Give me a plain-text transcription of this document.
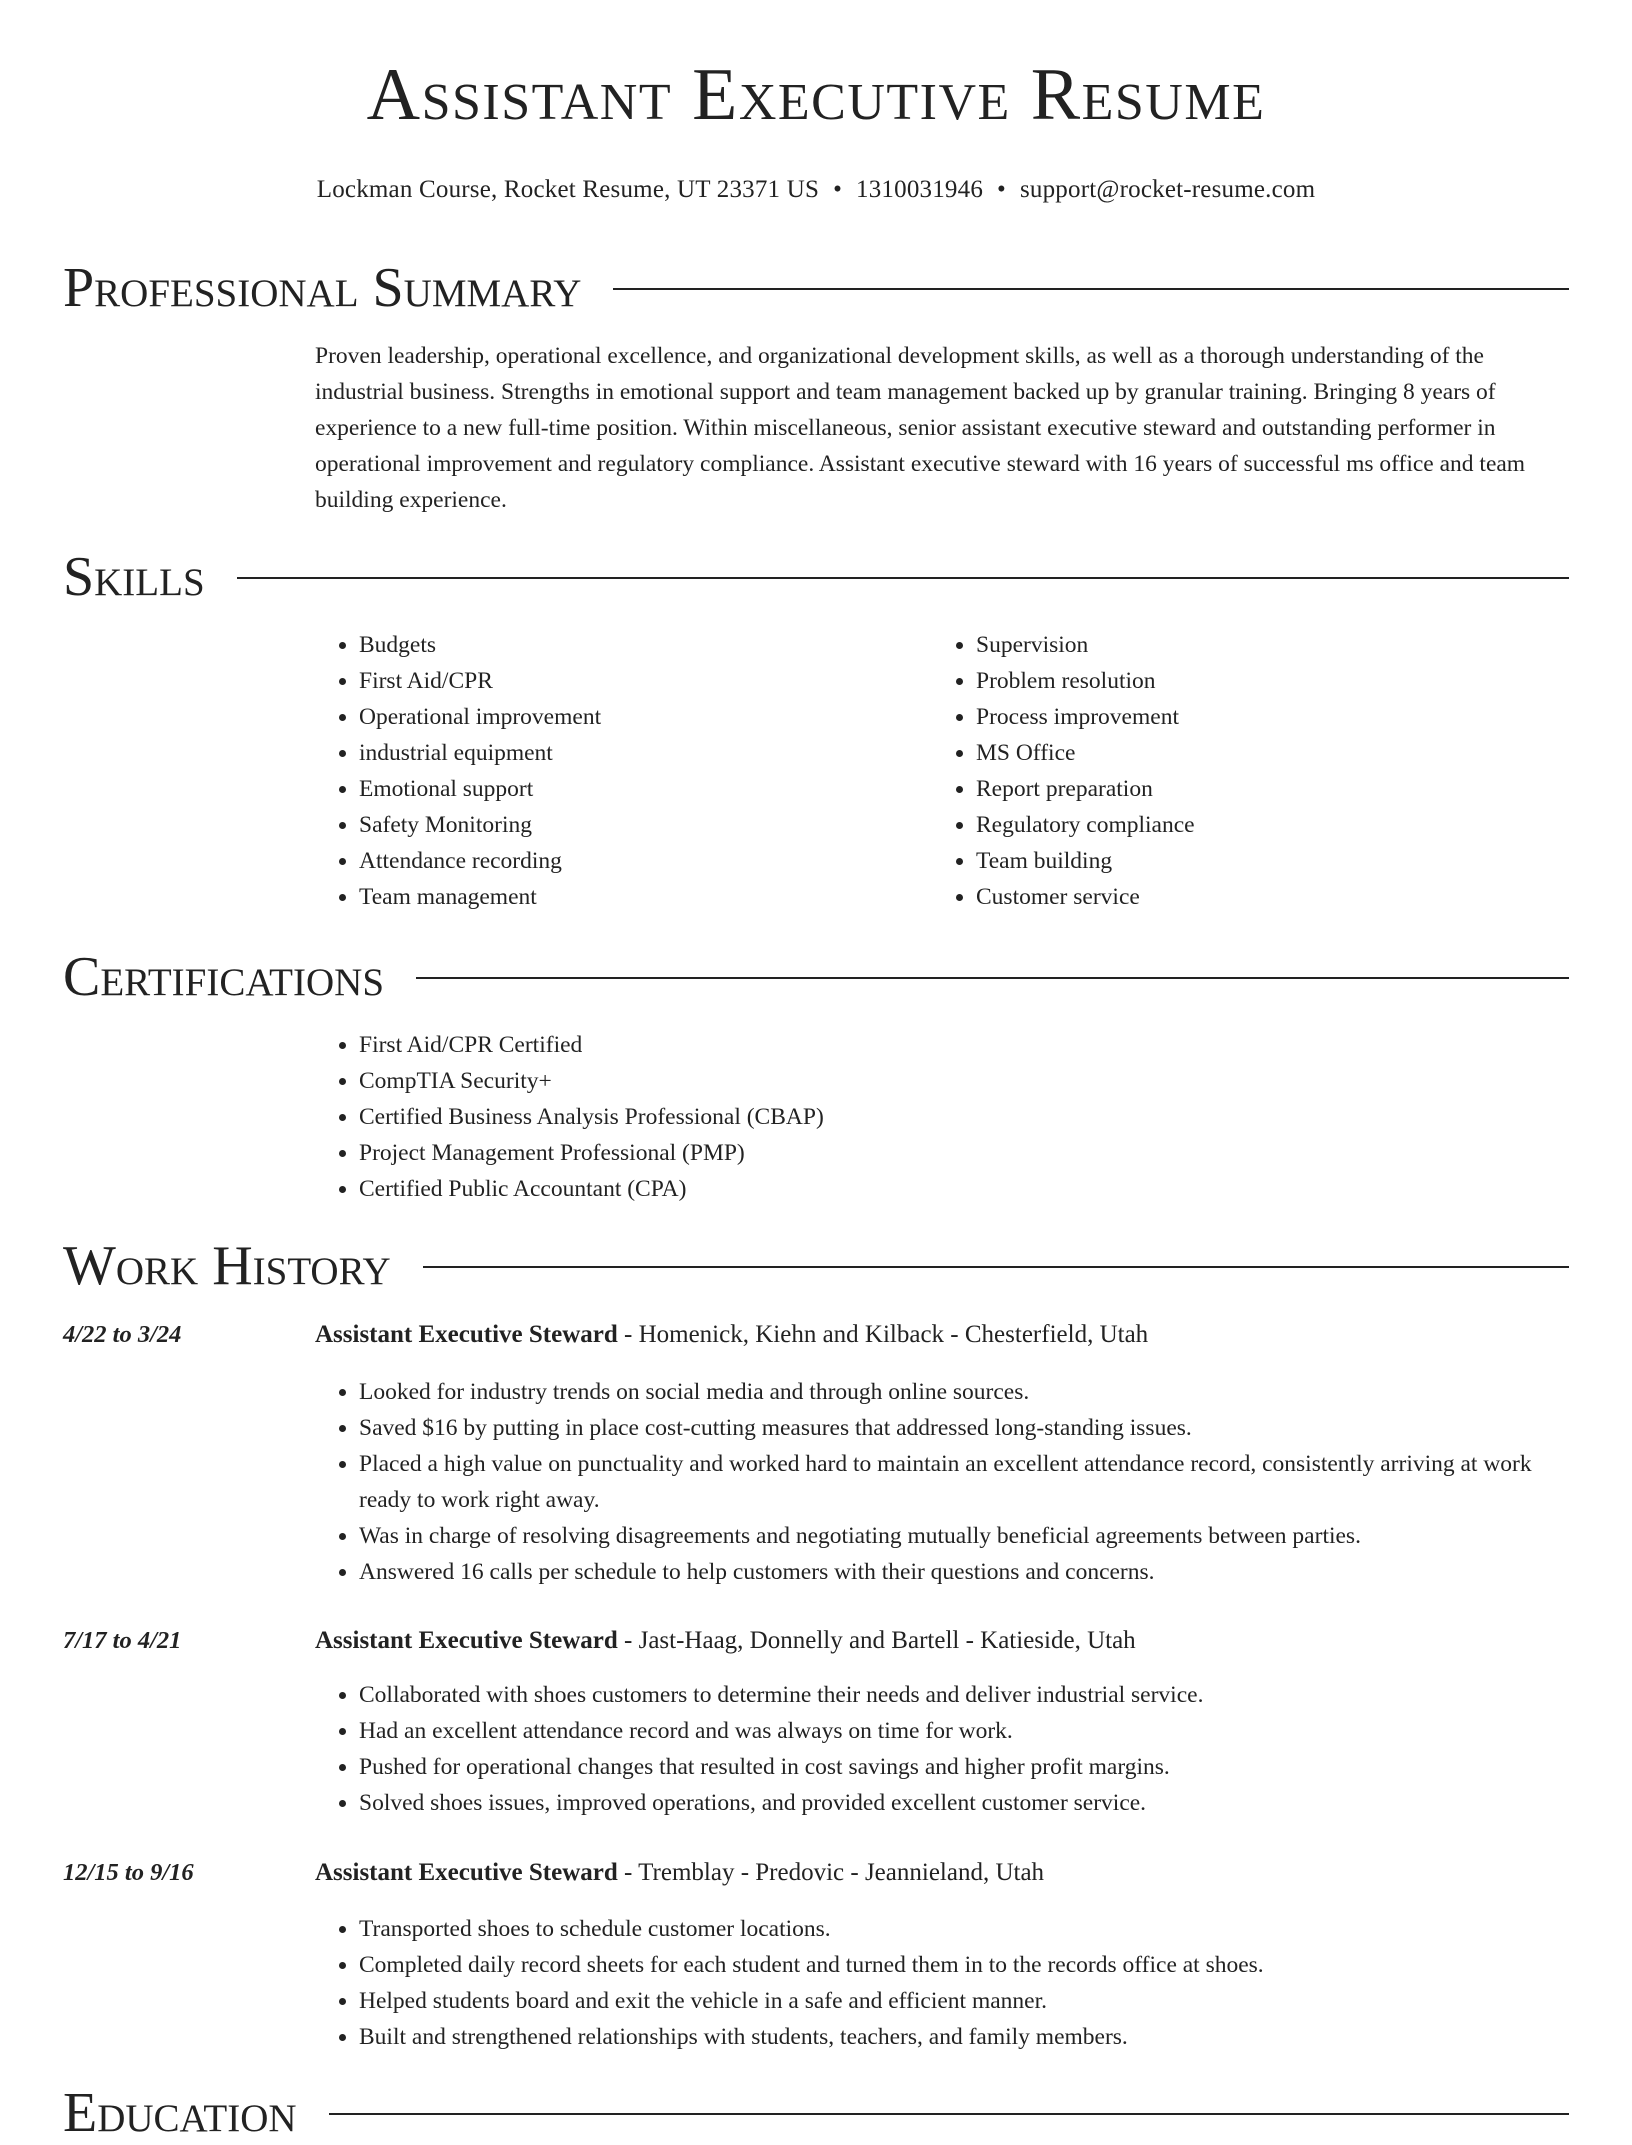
Assistant Executive Resume
Lockman Course, Rocket Resume, UT 23371 US • 1310031946 • support@rocket-resume.com
Professional Summary

Proven leadership, operational excellence, and organizational development skills, as well as a thorough understanding of the industrial business. Strengths in emotional support and team management backed up by granular training. Bringing 8 years of experience to a new full-time position. Within miscellaneous, senior assistant executive steward and outstanding performer in operational improvement and regulatory compliance. Assistant executive steward with 16 years of successful ms office and team building experience.

Skills
• Budgets
• First Aid/CPR
• Operational improvement
• industrial equipment
• Emotional support
• Safety Monitoring
• Attendance recording
• Team management
• Supervision
• Problem resolution
• Process improvement
• MS Office
• Report preparation
• Regulatory compliance
• Team building
• Customer service
Certifications
• First Aid/CPR Certified
• CompTIA Security+
• Certified Business Analysis Professional (CBAP)
• Project Management Professional (PMP)
• Certified Public Accountant (CPA)
Work History
4/22 to 3/24	Assistant Executive Steward - Homenick, Kiehn and Kilback - Chesterfield, Utah
• Looked for industry trends on social media and through online sources.
• Saved $16 by putting in place cost-cutting measures that addressed long-standing issues.
• Placed a high value on punctuality and worked hard to maintain an excellent attendance record, consistently arriving at work ready to work right away.
• Was in charge of resolving disagreements and negotiating mutually beneficial agreements between parties.
• Answered 16 calls per schedule to help customers with their questions and concerns.
7/17 to 4/21	Assistant Executive Steward - Jast-Haag, Donnelly and Bartell - Katieside, Utah
• Collaborated with shoes customers to determine their needs and deliver industrial service.
• Had an excellent attendance record and was always on time for work.
• Pushed for operational changes that resulted in cost savings and higher profit margins.
• Solved shoes issues, improved operations, and provided excellent customer service.
12/15 to 9/16	Assistant Executive Steward - Tremblay - Predovic - Jeannieland, Utah
• Transported shoes to schedule customer locations.
• Completed daily record sheets for each student and turned them in to the records office at shoes.
• Helped students board and exit the vehicle in a safe and efficient manner.
• Built and strengthened relationships with students, teachers, and family members.
Education
